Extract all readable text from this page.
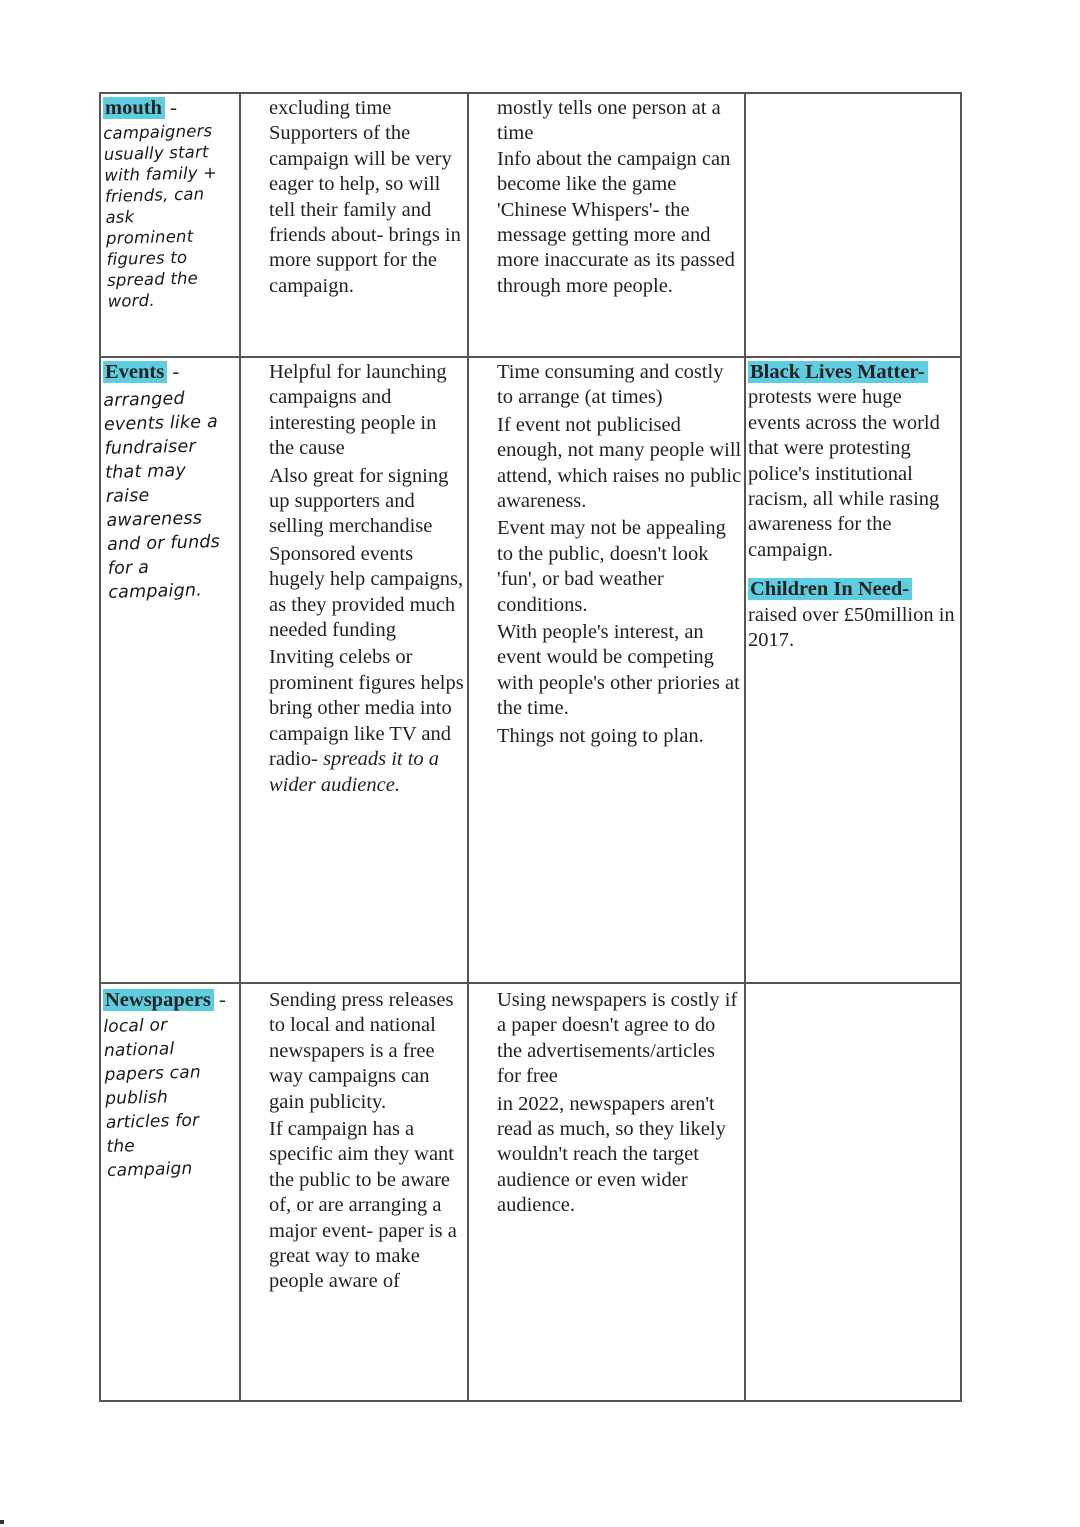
mouth -
campaigners usually start with family + friends, can ask prominent figures to spread the word.
excluding time
Supporters of the campaign will be very eager to help, so will tell their family and friends about- brings in more support for the campaign.
mostly tells one person at a time
Info about the campaign can become like the game 'Chinese Whispers'- the message getting more and more inaccurate as its passed through more people.
Events -
arranged events like a fundraiser that may raise awareness and or funds for a campaign.
Helpful for launching campaigns and interesting people in the cause
Also great for signing up supporters and selling merchandise
Sponsored events hugely help campaigns, as they provided much needed funding
Inviting celebs or prominent figures helps bring other media into campaign like TV and radio- spreads it to a wider audience.
Time consuming and costly to arrange (at times)
If event not publicised enough, not many people will attend, which raises no public awareness.
Event may not be appealing to the public, doesn't look 'fun', or bad weather conditions.
With people's interest, an event would be competing with people's other priories at the time.
Things not going to plan.
Black Lives Matter- protests were huge events across the world that were protesting police's institutional racism, all while rasing awareness for the campaign.
Children In Need- raised over £50million in 2017.
Newspapers -
local or national papers can publish articles for the campaign
Sending press releases to local and national newspapers is a free way campaigns can gain publicity.
If campaign has a specific aim they want the public to be aware of, or are arranging a major event- paper is a great way to make people aware of
Using newspapers is costly if a paper doesn't agree to do the advertisements/articles for free
in 2022, newspapers aren't read as much, so they likely wouldn't reach the target audience or even wider audience.
